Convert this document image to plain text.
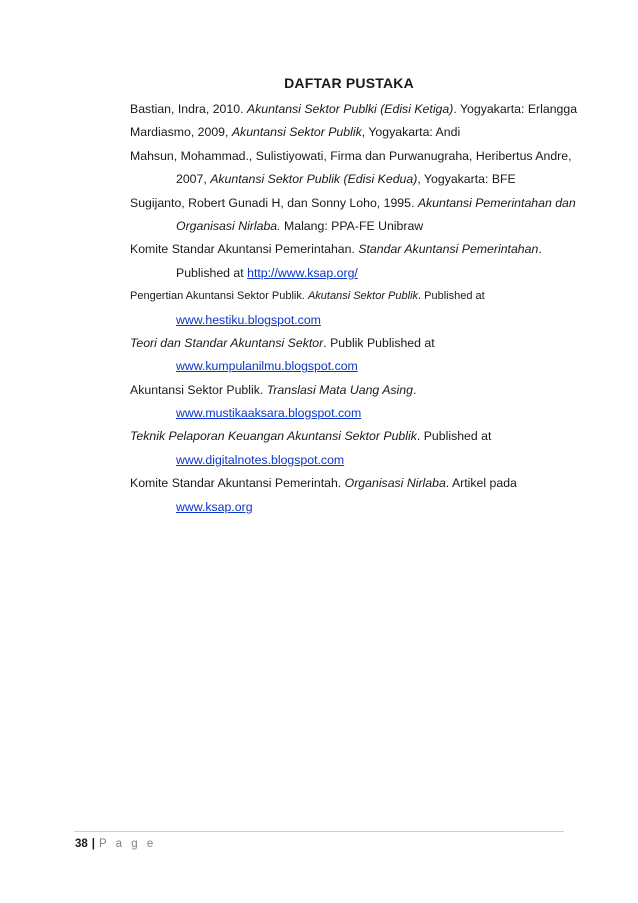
DAFTAR PUSTAKA
Bastian, Indra, 2010. Akuntansi Sektor Publki (Edisi Ketiga). Yogyakarta: Erlangga
Mardiasmo, 2009, Akuntansi Sektor Publik, Yogyakarta: Andi
Mahsun, Mohammad., Sulistiyowati, Firma dan Purwanugraha, Heribertus Andre,
2007, Akuntansi Sektor Publik (Edisi Kedua), Yogyakarta: BFE
Sugijanto, Robert Gunadi H, dan Sonny Loho, 1995. Akuntansi Pemerintahan dan
Organisasi Nirlaba. Malang: PPA-FE Unibraw
Komite Standar Akuntansi Pemerintahan. Standar Akuntansi Pemerintahan.
Published at http://www.ksap.org/
Pengertian Akuntansi Sektor Publik. Akutansi Sektor Publik. Published at
www.hestiku.blogspot.com
Teori dan Standar Akuntansi Sektor. Publik Published at
www.kumpulanilmu.blogspot.com
Akuntansi Sektor Publik. Translasi Mata Uang Asing.
www.mustikaaksara.blogspot.com
Teknik Pelaporan Keuangan Akuntansi Sektor Publik. Published at
www.digitalnotes.blogspot.com
Komite Standar Akuntansi Pemerintah. Organisasi Nirlaba. Artikel pada
www.ksap.org
38 | P a g e
